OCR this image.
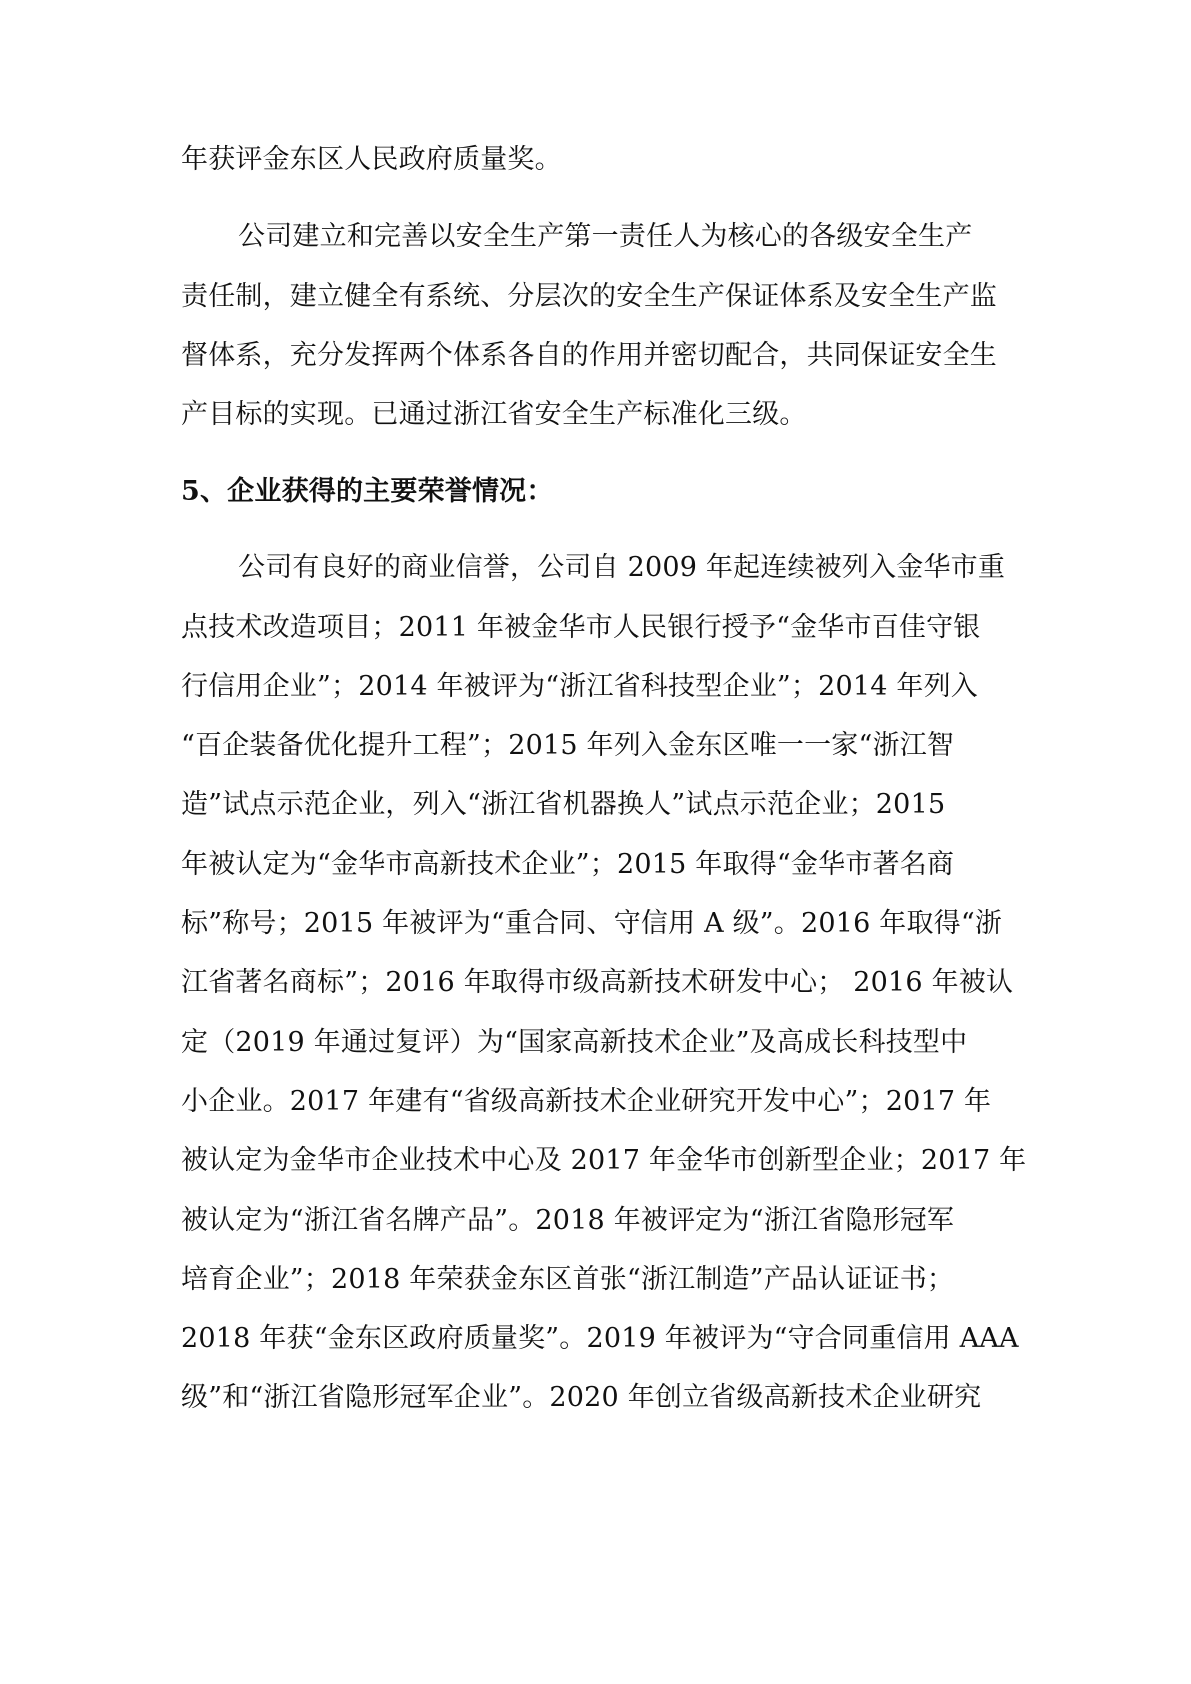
年获评金东区人民政府质量奖。
公司建立和完善以安全生产第一责任人为核心的各级安全生产
责任制，建立健全有系统、分层次的安全生产保证体系及安全生产监
督体系，充分发挥两个体系各自的作用并密切配合，共同保证安全生
产目标的实现。已通过浙江省安全生产标准化三级。
5、企业获得的主要荣誉情况：
公司有良好的商业信誉，公司自 2009 年起连续被列入金华市重
点技术改造项目；2011 年被金华市人民银行授予“金华市百佳守银
行信用企业”；2014 年被评为“浙江省科技型企业”；2014 年列入
“百企装备优化提升工程”；2015 年列入金东区唯一一家“浙江智
造”试点示范企业，列入“浙江省机器换人”试点示范企业；2015
年被认定为“金华市高新技术企业”；2015 年取得“金华市著名商
标”称号；2015 年被评为“重合同、守信用 A 级”。2016 年取得“浙
江省著名商标”；2016 年取得市级高新技术研发中心； 2016 年被认
定（2019 年通过复评）为“国家高新技术企业”及高成长科技型中
小企业。2017 年建有“省级高新技术企业研究开发中心”；2017 年
被认定为金华市企业技术中心及 2017 年金华市创新型企业；2017 年
被认定为“浙江省名牌产品”。2018 年被评定为“浙江省隐形冠军
培育企业”；2018 年荣获金东区首张“浙江制造”产品认证证书；
2018 年获“金东区政府质量奖”。2019 年被评为“守合同重信用 AAA
级”和“浙江省隐形冠军企业”。2020 年创立省级高新技术企业研究
